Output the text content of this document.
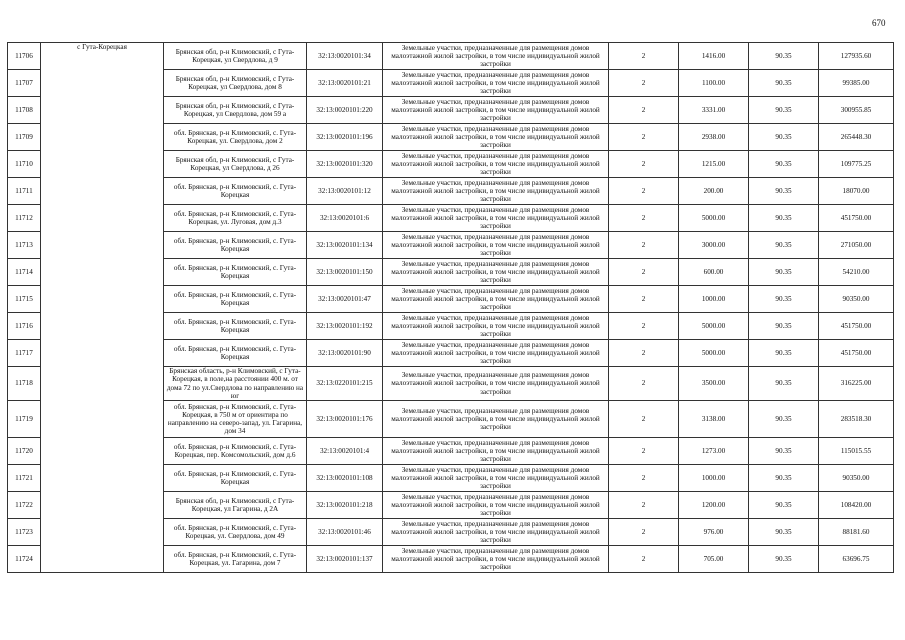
670
11706	с Гута-Корецкая	Брянская обл, р-н Климовский, с Гута-Корецкая, ул Свердлова, д 9	32:13:0020101:34	Земельные участки, предназначенные для размещения домов малоэтажной жилой застройки, в том числе индивидуальной жилой застройки	2	1416.00	90.35	127935.60
11707		Брянская обл, р-н Климовский, с Гута-Корецкая, ул Свердлова, дом 8	32:13:0020101:21	Земельные участки, предназначенные для размещения домов малоэтажной жилой застройки, в том числе индивидуальной жилой застройки	2	1100.00	90.35	99385.00
11708		Брянская обл, р-н Климовский, с Гута-Корецкая, ул Свердлова, дом 59 а	32:13:0020101:220	Земельные участки, предназначенные для размещения домов малоэтажной жилой застройки, в том числе индивидуальной жилой застройки	2	3331.00	90.35	300955.85
11709		обл. Брянская, р-н Климовский, с. Гута-Корецкая, ул. Свердлова, дом 2	32:13:0020101:196	Земельные участки, предназначенные для размещения домов малоэтажной жилой застройки, в том числе индивидуальной жилой застройки	2	2938.00	90.35	265448.30
11710		Брянская обл, р-н Климовский, с Гута-Корецкая, ул Свердлова, д 26	32:13:0020101:320	Земельные участки, предназначенные для размещения домов малоэтажной жилой застройки, в том числе индивидуальной жилой застройки	2	1215.00	90.35	109775.25
11711		обл. Брянская, р-н Климовский, с. Гута-Корецкая	32:13:0020101:12	Земельные участки, предназначенные для размещения домов малоэтажной жилой застройки, в том числе индивидуальной жилой застройки	2	200.00	90.35	18070.00
11712		обл. Брянская, р-н Климовский, с. Гута-Корецкая, ул. Луговая, дом д.3	32:13:0020101:6	Земельные участки, предназначенные для размещения домов малоэтажной жилой застройки, в том числе индивидуальной жилой застройки	2	5000.00	90.35	451750.00
11713		обл. Брянская, р-н Климовский, с. Гута-Корецкая	32:13:0020101:134	Земельные участки, предназначенные для размещения домов малоэтажной жилой застройки, в том числе индивидуальной жилой застройки	2	3000.00	90.35	271050.00
11714		обл. Брянская, р-н Климовский, с. Гута-Корецкая	32:13:0020101:150	Земельные участки, предназначенные для размещения домов малоэтажной жилой застройки, в том числе индивидуальной жилой застройки	2	600.00	90.35	54210.00
11715		обл. Брянская, р-н Климовский, с. Гута-Корецкая	32:13:0020101:47	Земельные участки, предназначенные для размещения домов малоэтажной жилой застройки, в том числе индивидуальной жилой застройки	2	1000.00	90.35	90350.00
11716		обл. Брянская, р-н Климовский, с. Гута-Корецкая	32:13:0020101:192	Земельные участки, предназначенные для размещения домов малоэтажной жилой застройки, в том числе индивидуальной жилой застройки	2	5000.00	90.35	451750.00
11717		обл. Брянская, р-н Климовский, с. Гута-Корецкая	32:13:0020101:90	Земельные участки, предназначенные для размещения домов малоэтажной жилой застройки, в том числе индивидуальной жилой застройки	2	5000.00	90.35	451750.00
11718		Брянская область, р-н Климовский, с Гута-Корецкая, в поле,на расстоянии 400 м. от дома 72 по ул.Свердлова по направлению на юг	32:13:0220101:215	Земельные участки, предназначенные для размещения домов малоэтажной жилой застройки, в том числе индивидуальной жилой застройки	2	3500.00	90.35	316225.00
11719		обл. Брянская, р-н Климовский, с. Гута-Корецкая, в 750 м от ориентира по направлению на северо-запад, ул. Гагарина, дом 34	32:13:0020101:176	Земельные участки, предназначенные для размещения домов малоэтажной жилой застройки, в том числе индивидуальной жилой застройки	2	3138.00	90.35	283518.30
11720		обл. Брянская, р-н Климовский, с. Гута-Корецкая, пер. Комсомольский, дом д.6	32:13:0020101:4	Земельные участки, предназначенные для размещения домов малоэтажной жилой застройки, в том числе индивидуальной жилой застройки	2	1273.00	90.35	115015.55
11721		обл. Брянская, р-н Климовский, с. Гута-Корецкая	32:13:0020101:108	Земельные участки, предназначенные для размещения домов малоэтажной жилой застройки, в том числе индивидуальной жилой застройки	2	1000.00	90.35	90350.00
11722		Брянская обл, р-н Климовский, с Гута-Корецкая, ул Гагарина, д 2А	32:13:0020101:218	Земельные участки, предназначенные для размещения домов малоэтажной жилой застройки, в том числе индивидуальной жилой застройки	2	1200.00	90.35	108420.00
11723		обл. Брянская, р-н Климовский, с. Гута-Корецкая, ул. Свердлова, дом 49	32:13:0020101:46	Земельные участки, предназначенные для размещения домов малоэтажной жилой застройки, в том числе индивидуальной жилой застройки	2	976.00	90.35	88181.60
11724		обл. Брянская, р-н Климовский, с. Гута-Корецкая, ул. Гагарина, дом 7	32:13:0020101:137	Земельные участки, предназначенные для размещения домов малоэтажной жилой застройки, в том числе индивидуальной жилой застройки	2	705.00	90.35	63696.75
